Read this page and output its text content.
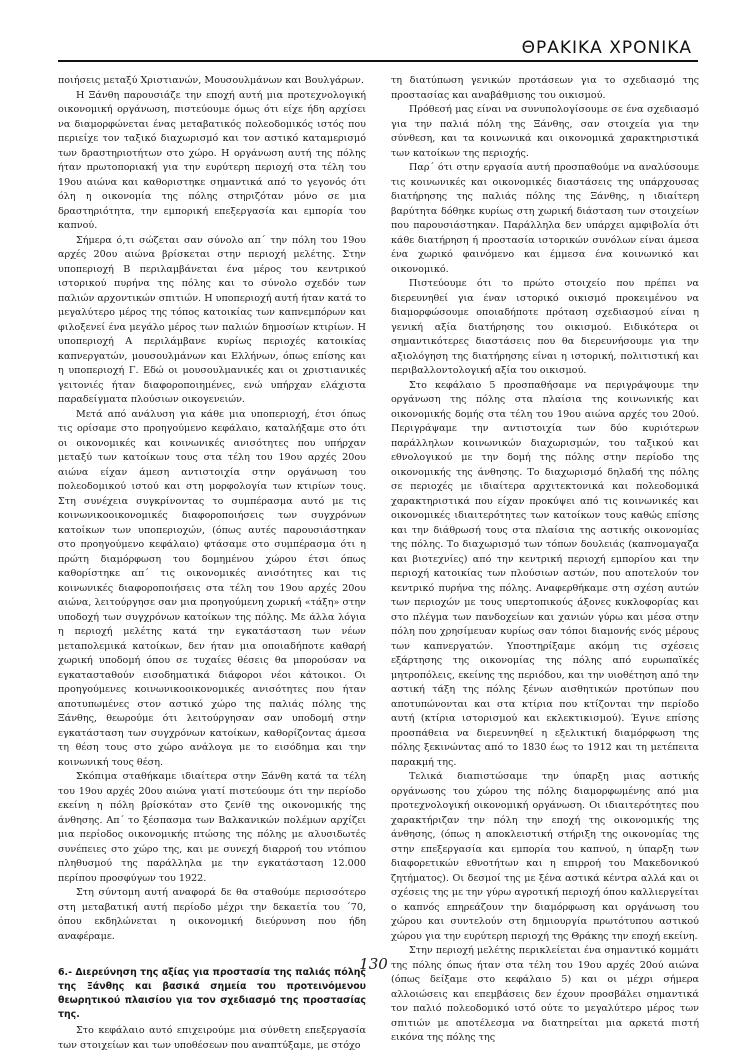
ΘΡΑΚΙΚΑ ΧΡΟΝΙΚΑ

ποιήσεις μεταξύ Χριστιανών, Μουσουλμάνων και Βουλγάρων.

Η Ξάνθη παρουσιάζε την εποχή αυτή μια προτεχνολογική οικονομική οργάνωση, πιστεύουμε όμως ότι είχε ήδη αρχίσει να διαμορφώνεται ένας μεταβατικός πολεοδομικός ιστός που περιείχε τον ταξικό διαχωρισμό και τον αστικό καταμερισμό των δραστηριοτήτων στο χώρο. Η οργάνωση αυτή της πόλης ήταν πρωτοποριακή για την ευρύτερη περιοχή στα τέλη του 19ου αιώνα και καθοριστηκε σημαντικά από το γεγονός ότι όλη η οικονομία της πόλης στηριζόταν μόνο σε μια δραστηριότητα, την εμπορική επεξεργασία και εμπορία του καπνού.

Σήμερα ό,τι σώζεται σαν σύνολο απ΄ την πόλη του 19ου αρχές 20ου αιώνα βρίσκεται στην περιοχή μελέτης. Στην υποπεριοχή Β περιλαμβάνεται ένα μέρος του κεντρικού ιστορικού πυρήνα της πόλης και το σύνολο σχεδόν των παλιών αρχοντικών σπιτιών. Η υποπεριοχή αυτή ήταν κατά το μεγαλύτερο μέρος της τόπος κατοικίας των καπνεμπόρων και φιλοξενεί ένα μεγάλο μέρος των παλιών δημοσίων κτιρίων. Η υποπεριοχή Α περιλάμβανε κυρίως περιοχές κατοικίας καπνεργατών, μουσουλμάνων και Ελλήνων, όπως επίσης και η υποπεριοχή Γ. Εδώ οι μουσουλμανικές και οι χριστιανικές γειτονιές ήταν διαφοροποιημένες, ενώ υπήρχαν ελάχιστα παραδείγματα πλούσιων οικογενειών.

Μετά από ανάλυση για κάθε μια υποπεριοχή, έτσι όπως τις ορίσαμε στο προηγούμενο κεφάλαιο, καταλήξαμε στο ότι οι οικονομικές και κοινωνικές ανισότητες που υπήρχαν μεταξύ των κατοίκων τους στα τέλη του 19ου αρχές 20ου αιώνα είχαν άμεση αντιστοιχία στην οργάνωση του πολεοδομικού ιστού και στη μορφολογία των κτιρίων τους. Στη συνέχεια συγκρίνοντας το συμπέρασμα αυτό με τις κοινωνικοοικονομικές διαφοροποιήσεις των συγχρόνων κατοίκων των υποπεριοχών, (όπως αυτές παρουσιάστηκαν στο προηγούμενο κεφάλαιο) φτάσαμε στο συμπέρασμα ότι η πρώτη διαμόρφωση του δομημένου χώρου έτσι όπως καθορίστηκε απ΄ τις οικονομικές ανισότητες και τις κοινωνικές διαφοροποιήσεις στα τέλη του 19ου αρχές 20ου αιώνα, λειτούργησε σαν μια προηγούμενη χωρική «τάξη» στην υποδοχή των συγχρόνων κατοίκων της πόλης. Με άλλα λόγια η περιοχή μελέτης κατά την εγκατάσταση των νέων μεταπολεμικά κατοίκων, δεν ήταν μια οποιαδήποτε καθαρή χωρική υποδομή όπου σε τυχαίες θέσεις θα μπορούσαν να εγκατασταθούν εισοδηματικά διάφοροι νέοι κάτοικοι. Οι προηγούμενες κοινωνικοοικονομικές ανισότητες που ήταν αποτυπωμένες στον αστικό χώρο της παλιάς πόλης της Ξάνθης, θεωρούμε ότι λειτούργησαν σαν υποδομή στην εγκατάσταση των συγχρόνων κατοίκων, καθορίζοντας άμεσα τη θέση τους στο χώρο ανάλογα με το εισόδημα και την κοινωνική τους θέση.

Σκόπιμα σταθήκαμε ιδιαίτερα στην Ξάνθη κατά τα τέλη του 19ου αρχές 20ου αιώνα γιατί πιστεύουμε ότι την περίοδο εκείνη η πόλη βρίσκόταν στο ζενίθ της οικονομικής της άνθησης. Απ΄ το ξέσπασμα των Βαλκανικών πολέμων αρχίζει μια περίοδος οικονομικής πτώσης της πόλης με αλυσιδωτές συνέπειες στο χώρο της, και με συνεχή διαρροή του ντόπιου πληθυσμού της παράλληλα με την εγκατάσταση 12.000 περίπου προσφύγων του 1922.

Στη σύντομη αυτή αναφορά δε θα σταθούμε περισσότερο στη μεταβατική αυτή περίοδο μέχρι την δεκαετία του ΄70, όπου εκδηλώνεται η οικονομική διεύρυνση που ήδη αναφέραμε.

6.- Διερεύνηση της αξίας για προστασία της παλιάς πόλης της Ξάνθης και βασικά σημεία του προτεινόμενου θεωρητικού πλαισίου για τον σχεδιασμό της προστασίας της.

Στο κεφάλαιο αυτό επιχειρούμε μια σύνθετη επεξεργασία των στοιχείων και των υποθέσεων που αναπτύξαμε, με στόχο

τη διατύπωση γενικών προτάσεων για το σχεδιασμό της προστασίας και αναβάθμισης του οικισμού.

Πρόθεσή μας είναι να συνυπολογίσουμε σε ένα σχεδιασμό για την παλιά πόλη της Ξάνθης, σαν στοιχεία για την σύνθεση, και τα κοινωνικά και οικονομικά χαρακτηριστικά των κατοίκων της περιοχής.

Παρ΄ ότι στην εργασία αυτή προσπαθούμε να αναλύσουμε τις κοινωνικές και οικονομικές διαστάσεις της υπάρχουσας διατήρησης της παλιάς πόλης της Ξάνθης, η ιδιαίτερη βαρύτητα δόθηκε κυρίως στη χωρική διάσταση των στοιχείων που παρουσιάστηκαν. Παράλληλα δεν υπάρχει αμφιβολία ότι κάθε διατήρηση ή προστασία ιστορικών συνόλων είναι άμεσα ένα χωρικό φαινόμενο και έμμεσα ένα κοινωνικό και οικονομικό.

Πιστεύουμε ότι το πρώτο στοιχείο που πρέπει να διερευνηθεί για έναν ιστορικό οικισμό προκειμένου να διαμορφώσουμε οποιαδήποτε πρόταση σχεδιασμού είναι η γενική αξία διατήρησης του οικισμού. Ειδικότερα οι σημαντικότερες διαστάσεις που θα διερευνήσουμε για την αξιολόγηση της διατήρησης είναι η ιστορική, πολιτιστική και περιβαλλοντολογική αξία του οικισμού.

Στο κεφάλαιο 5 προσπαθήσαμε να περιγράψουμε την οργάνωση της πόλης στα πλαίσια της κοινωνικής και οικονομικής δομής στα τέλη του 19ου αιώνα αρχές του 20ού. Περιγράψαμε την αντιστοιχία των δύο κυριότερων παράλληλων κοινωνικών διαχωρισμών, του ταξικού και εθνολογικού με την δομή της πόλης στην περίοδο της οικονομικής της άνθησης. Το διαχωρισμό δηλαδή της πόλης σε περιοχές με ιδιαίτερα αρχιτεκτονικά και πολεοδομικά χαρακτηριστικά που είχαν προκύψει από τις κοινωνικές και οικονομικές ιδιαιτερότητες των κατοίκων τους καθώς επίσης και την διάθρωσή τους στα πλαίσια της αστικής οικονομίας της πόλης. Το διαχωρισμό των τόπων δουλειάς (καπνομαγαζα και βιοτεχνίες) από την κεντρική περιοχή εμπορίου και την περιοχή κατοικίας των πλούσιων αστών, που αποτελούν τον κεντρικό πυρήνα της πόλης. Αναφερθήκαμε στη σχέση αυτών των περιοχών με τους υπερτοπικούς άξονες κυκλοφορίας και στο πλέγμα των πανδοχείων και χανιών γύρω και μέσα στην πόλη που χρησίμευαν κυρίως σαν τόποι διαμονής ενός μέρους των καπνεργατών. Υποστηρίξαμε ακόμη τις σχέσεις εξάρτησης της οικονομίας της πόλης από ευρωπαϊκές μητροπόλεις, εκείνης της περιόδου, και την υιοθέτηση από την αστική τάξη της πόλης ξένων αισθητικών προτύπων που αποτυπώνονται και στα κτίρια που κτίζονται την περίοδο αυτή (κτίρια ιστορισμού και εκλεκτικισμού). Έγινε επίσης προσπάθεια να διερευνηθεί η εξελικτική διαμόρφωση της πόλης ξεκινώντας από το 1830 έως το 1912 και τη μετέπειτα παρακμή της.

Τελικά διαπιστώσαμε την ύπαρξη μιας αστικής οργάνωσης του χώρου της πόλης διαμορφωμένης από μια προτεχνολογική οικονομική οργάνωση. Οι ιδιαιτερότητες που χαρακτήριζαν την πόλη την εποχή της οικονομικής της άνθησης, (όπως η αποκλειστική στήριξη της οικονομίας της στην επεξεργασία και εμπορία του καπνού, η ύπαρξη των διαφορετικών εθνοτήτων και η επιρροή του Μακεδονικού ζητήματος). Οι δεσμοί της με ξένα αστικά κέντρα αλλά και οι σχέσεις της με την γύρω αγροτική περιοχή όπου καλλιεργείται ο καπνός επηρεάζουν την διαμόρφωση και οργάνωση του χώρου και συντελούν στη δημιουργία πρωτότυπου αστικού χώρου για την ευρύτερη περιοχή της Θράκης την εποχή εκείνη.

Στην περιοχή μελέτης περικλείεται ένα σημαντικό κομμάτι της πόλης όπως ήταν στα τέλη του 19ου αρχές 20ού αιώνα (όπως δείξαμε στο κεφάλαιο 5) και οι μέχρι σήμερα αλλοιώσεις και επεμβάσεις δεν έχουν προσβάλει σημαντικά τον παλιό πολεοδομικό ιστό ούτε το μεγαλύτερο μέρος των σπιτιών με αποτέλεσμα να διατηρείται μια αρκετά πιστή εικόνα της πόλης της

130
